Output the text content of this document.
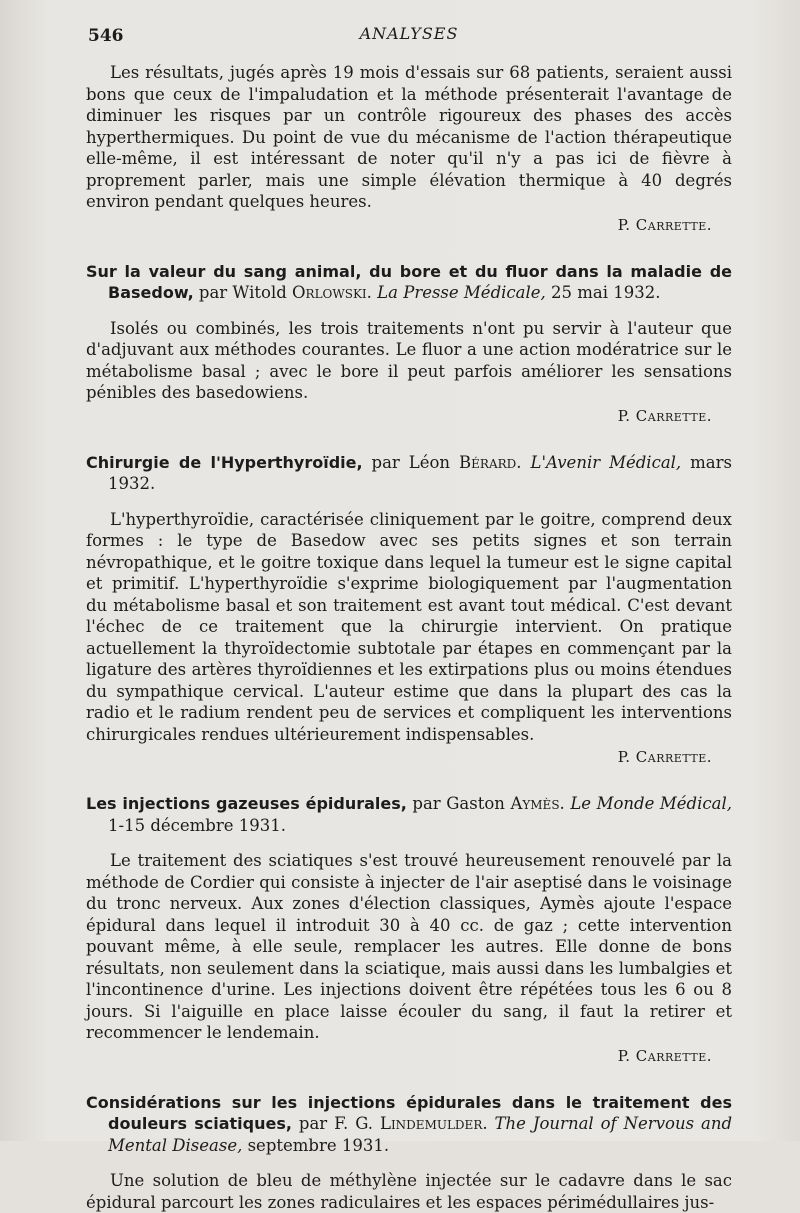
546	ANALYSES

Les résultats, jugés après 19 mois d'essais sur 68 patients, seraient aussi bons que ceux de l'impaludation et la méthode présenterait l'avantage de diminuer les risques par un contrôle rigoureux des phases des accès hyperthermiques. Du point de vue du mécanisme de l'action thérapeutique elle-même, il est intéressant de noter qu'il n'y a pas ici de fièvre à proprement parler, mais une simple élévation thermique à 40 degrés environ pendant quelques heures.

P. Carrette.
Sur la valeur du sang animal, du bore et du fluor dans la maladie de Basedow, par Witold Orlowski. La Presse Médicale, 25 mai 1932.

Isolés ou combinés, les trois traitements n'ont pu servir à l'auteur que d'adjuvant aux méthodes courantes. Le fluor a une action modératrice sur le métabolisme basal ; avec le bore il peut parfois améliorer les sensations pénibles des basedowiens.

P. Carrette.
Chirurgie de l'Hyperthyroïdie, par Léon Bérard. L'Avenir Médical, mars 1932.

L'hyperthyroïdie, caractérisée cliniquement par le goitre, comprend deux formes : le type de Basedow avec ses petits signes et son terrain névropathique, et le goitre toxique dans lequel la tumeur est le signe capital et primitif. L'hyperthyroïdie s'exprime biologiquement par l'augmentation du métabolisme basal et son traitement est avant tout médical. C'est devant l'échec de ce traitement que la chirurgie intervient. On pratique actuellement la thyroïdectomie subtotale par étapes en commençant par la ligature des artères thyroïdiennes et les extirpations plus ou moins étendues du sympathique cervical. L'auteur estime que dans la plupart des cas la radio et le radium rendent peu de services et compliquent les interventions chirurgicales rendues ultérieurement indispensables.

P. Carrette.
Les injections gazeuses épidurales, par Gaston Aymès. Le Monde Médical, 1-15 décembre 1931.

Le traitement des sciatiques s'est trouvé heureusement renouvelé par la méthode de Cordier qui consiste à injecter de l'air aseptisé dans le voisinage du tronc nerveux. Aux zones d'élection classiques, Aymès ajoute l'espace épidural dans lequel il introduit 30 à 40 cc. de gaz ; cette intervention pouvant même, à elle seule, remplacer les autres. Elle donne de bons résultats, non seulement dans la sciatique, mais aussi dans les lumbalgies et l'incontinence d'urine. Les injections doivent être répétées tous les 6 ou 8 jours. Si l'aiguille en place laisse écouler du sang, il faut la retirer et recommencer le lendemain.

P. Carrette.
Considérations sur les injections épidurales dans le traitement des douleurs sciatiques, par F. G. Lindemulder. The Journal of Nervous and Mental Disease, septembre 1931.

Une solution de bleu de méthylène injectée sur le cadavre dans le sac épidural parcourt les zones radiculaires et les espaces périmédullaires jus-
